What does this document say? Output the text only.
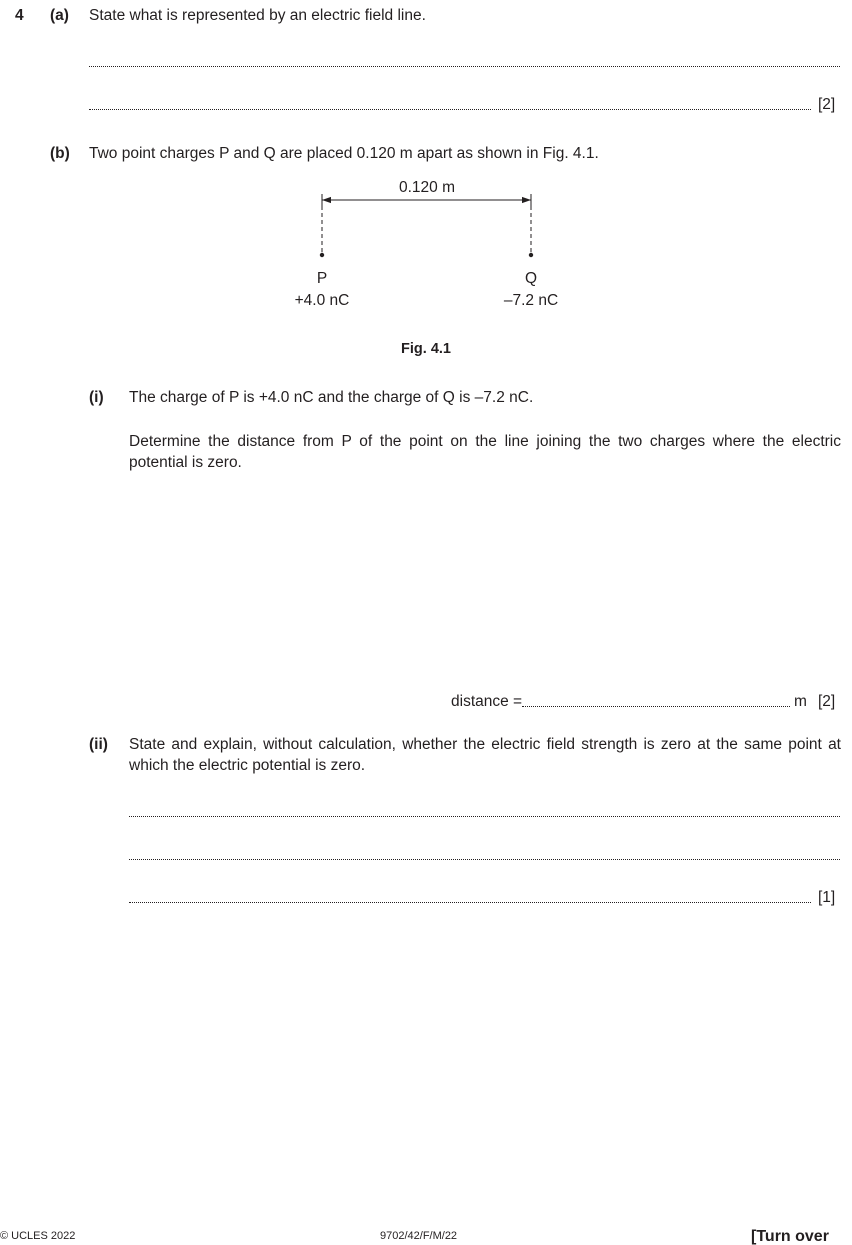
4 (a) State what is represented by an electric field line.
[2]
(b) Two point charges P and Q are placed 0.120 m apart as shown in Fig. 4.1.
0.120 m
P
+4.0 nC
Q
–7.2 nC
Fig. 4.1
(i) The charge of P is +4.0 nC and the charge of Q is –7.2 nC.
Determine the distance from P of the point on the line joining the two charges where the electric potential is zero.
distance =	m [2]
(ii) State and explain, without calculation, whether the electric field strength is zero at the same point at which the electric potential is zero.
[1]
© UCLES 2022	9702/42/F/M/22	[Turn over
